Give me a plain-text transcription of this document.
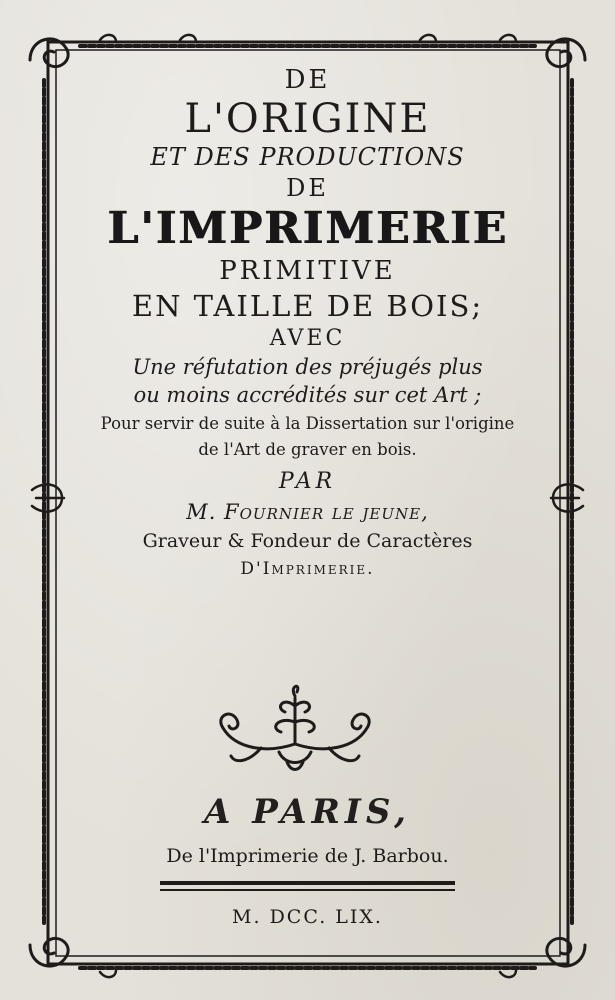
DE
L'ORIGINE
ET DES PRODUCTIONS
DE
L'IMPRIMERIE
PRIMITIVE
EN TAILLE DE BOIS;
AVEC
Une réfutation des préjugés plus
ou moins accrédités sur cet Art ;
Pour servir de suite à la Dissertation sur l'origine
de l'Art de graver en bois.
PAR
M. Fournier le jeune,
Graveur & Fondeur de Caractères
D'Imprimerie.
A PARIS,
De l'Imprimerie de J. Barbou.
M. DCC. LIX.
